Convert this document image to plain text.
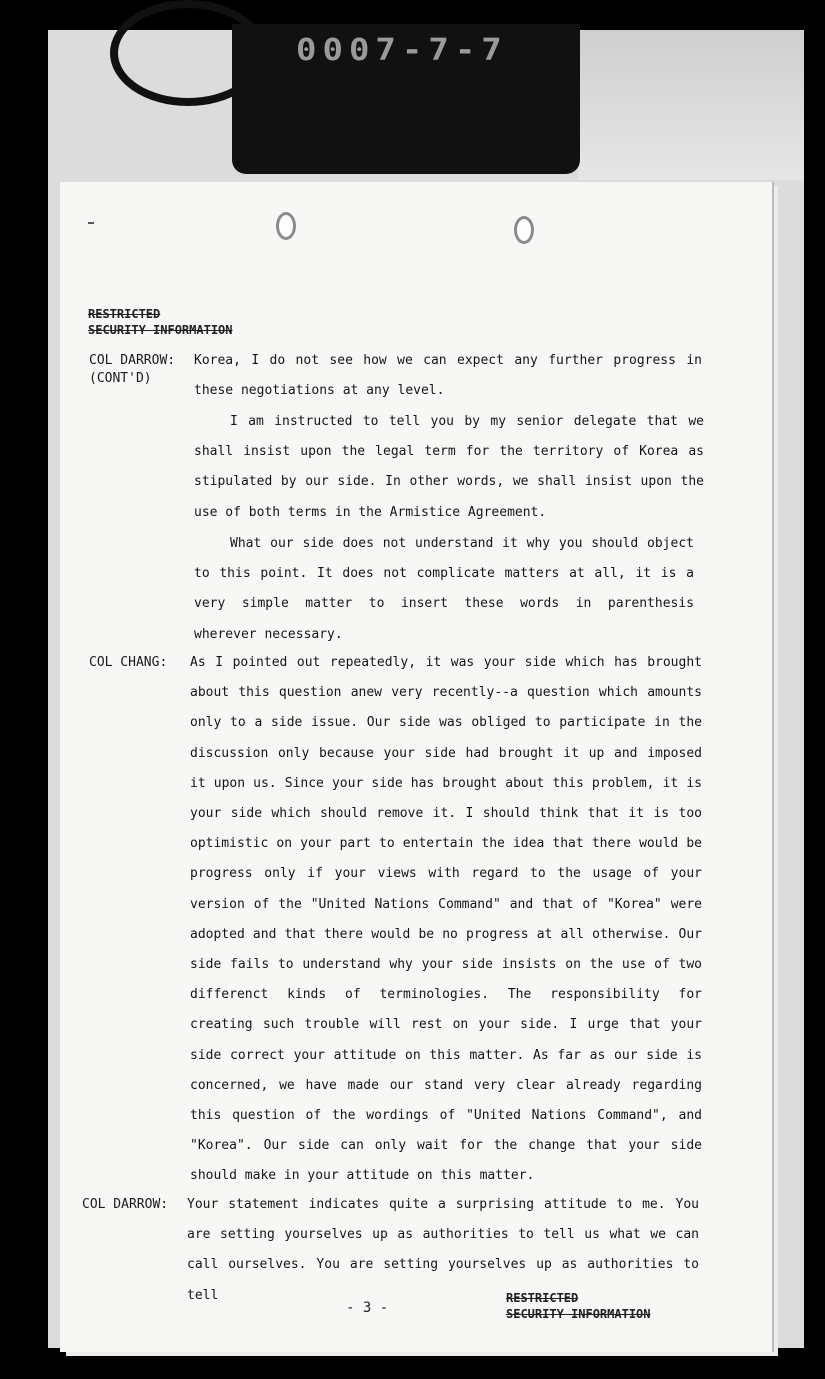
0007-7-7
RESTRICTED
SECURITY INFORMATION
COL DARROW:
(CONT'D)
Korea, I do not see how we can expect any further progress in these negotiations at any level.
I am instructed to tell you by my senior delegate that we shall insist upon the legal term for the territory of Korea as stipulated by our side. In other words, we shall insist upon the use of both terms in the Armistice Agreement.
What our side does not understand it why you should object to this point. It does not complicate matters at all, it is a very simple matter to insert these words in parenthesis wherever necessary.
COL CHANG: As I pointed out repeatedly, it was your side which has brought about this question anew very recently--a question which amounts only to a side issue. Our side was obliged to participate in the discussion only because your side had brought it up and imposed it upon us. Since your side has brought about this problem, it is your side which should remove it. I should think that it is too optimistic on your part to entertain the idea that there would be progress only if your views with regard to the usage of your version of the "United Nations Command" and that of "Korea" were adopted and that there would be no progress at all otherwise. Our side fails to understand why your side insists on the use of two differenct kinds of terminologies. The responsibility for creating such trouble will rest on your side. I urge that your side correct your attitude on this matter. As far as our side is concerned, we have made our stand very clear already regarding this question of the wordings of "United Nations Command", and "Korea". Our side can only wait for the change that your side should make in your attitude on this matter.
COL DARROW: Your statement indicates quite a surprising attitude to me. You are setting yourselves up as authorities to tell us what we can call ourselves. You are setting yourselves up as authorities to tell
- 3 -
RESTRICTED
SECURITY INFORMATION
